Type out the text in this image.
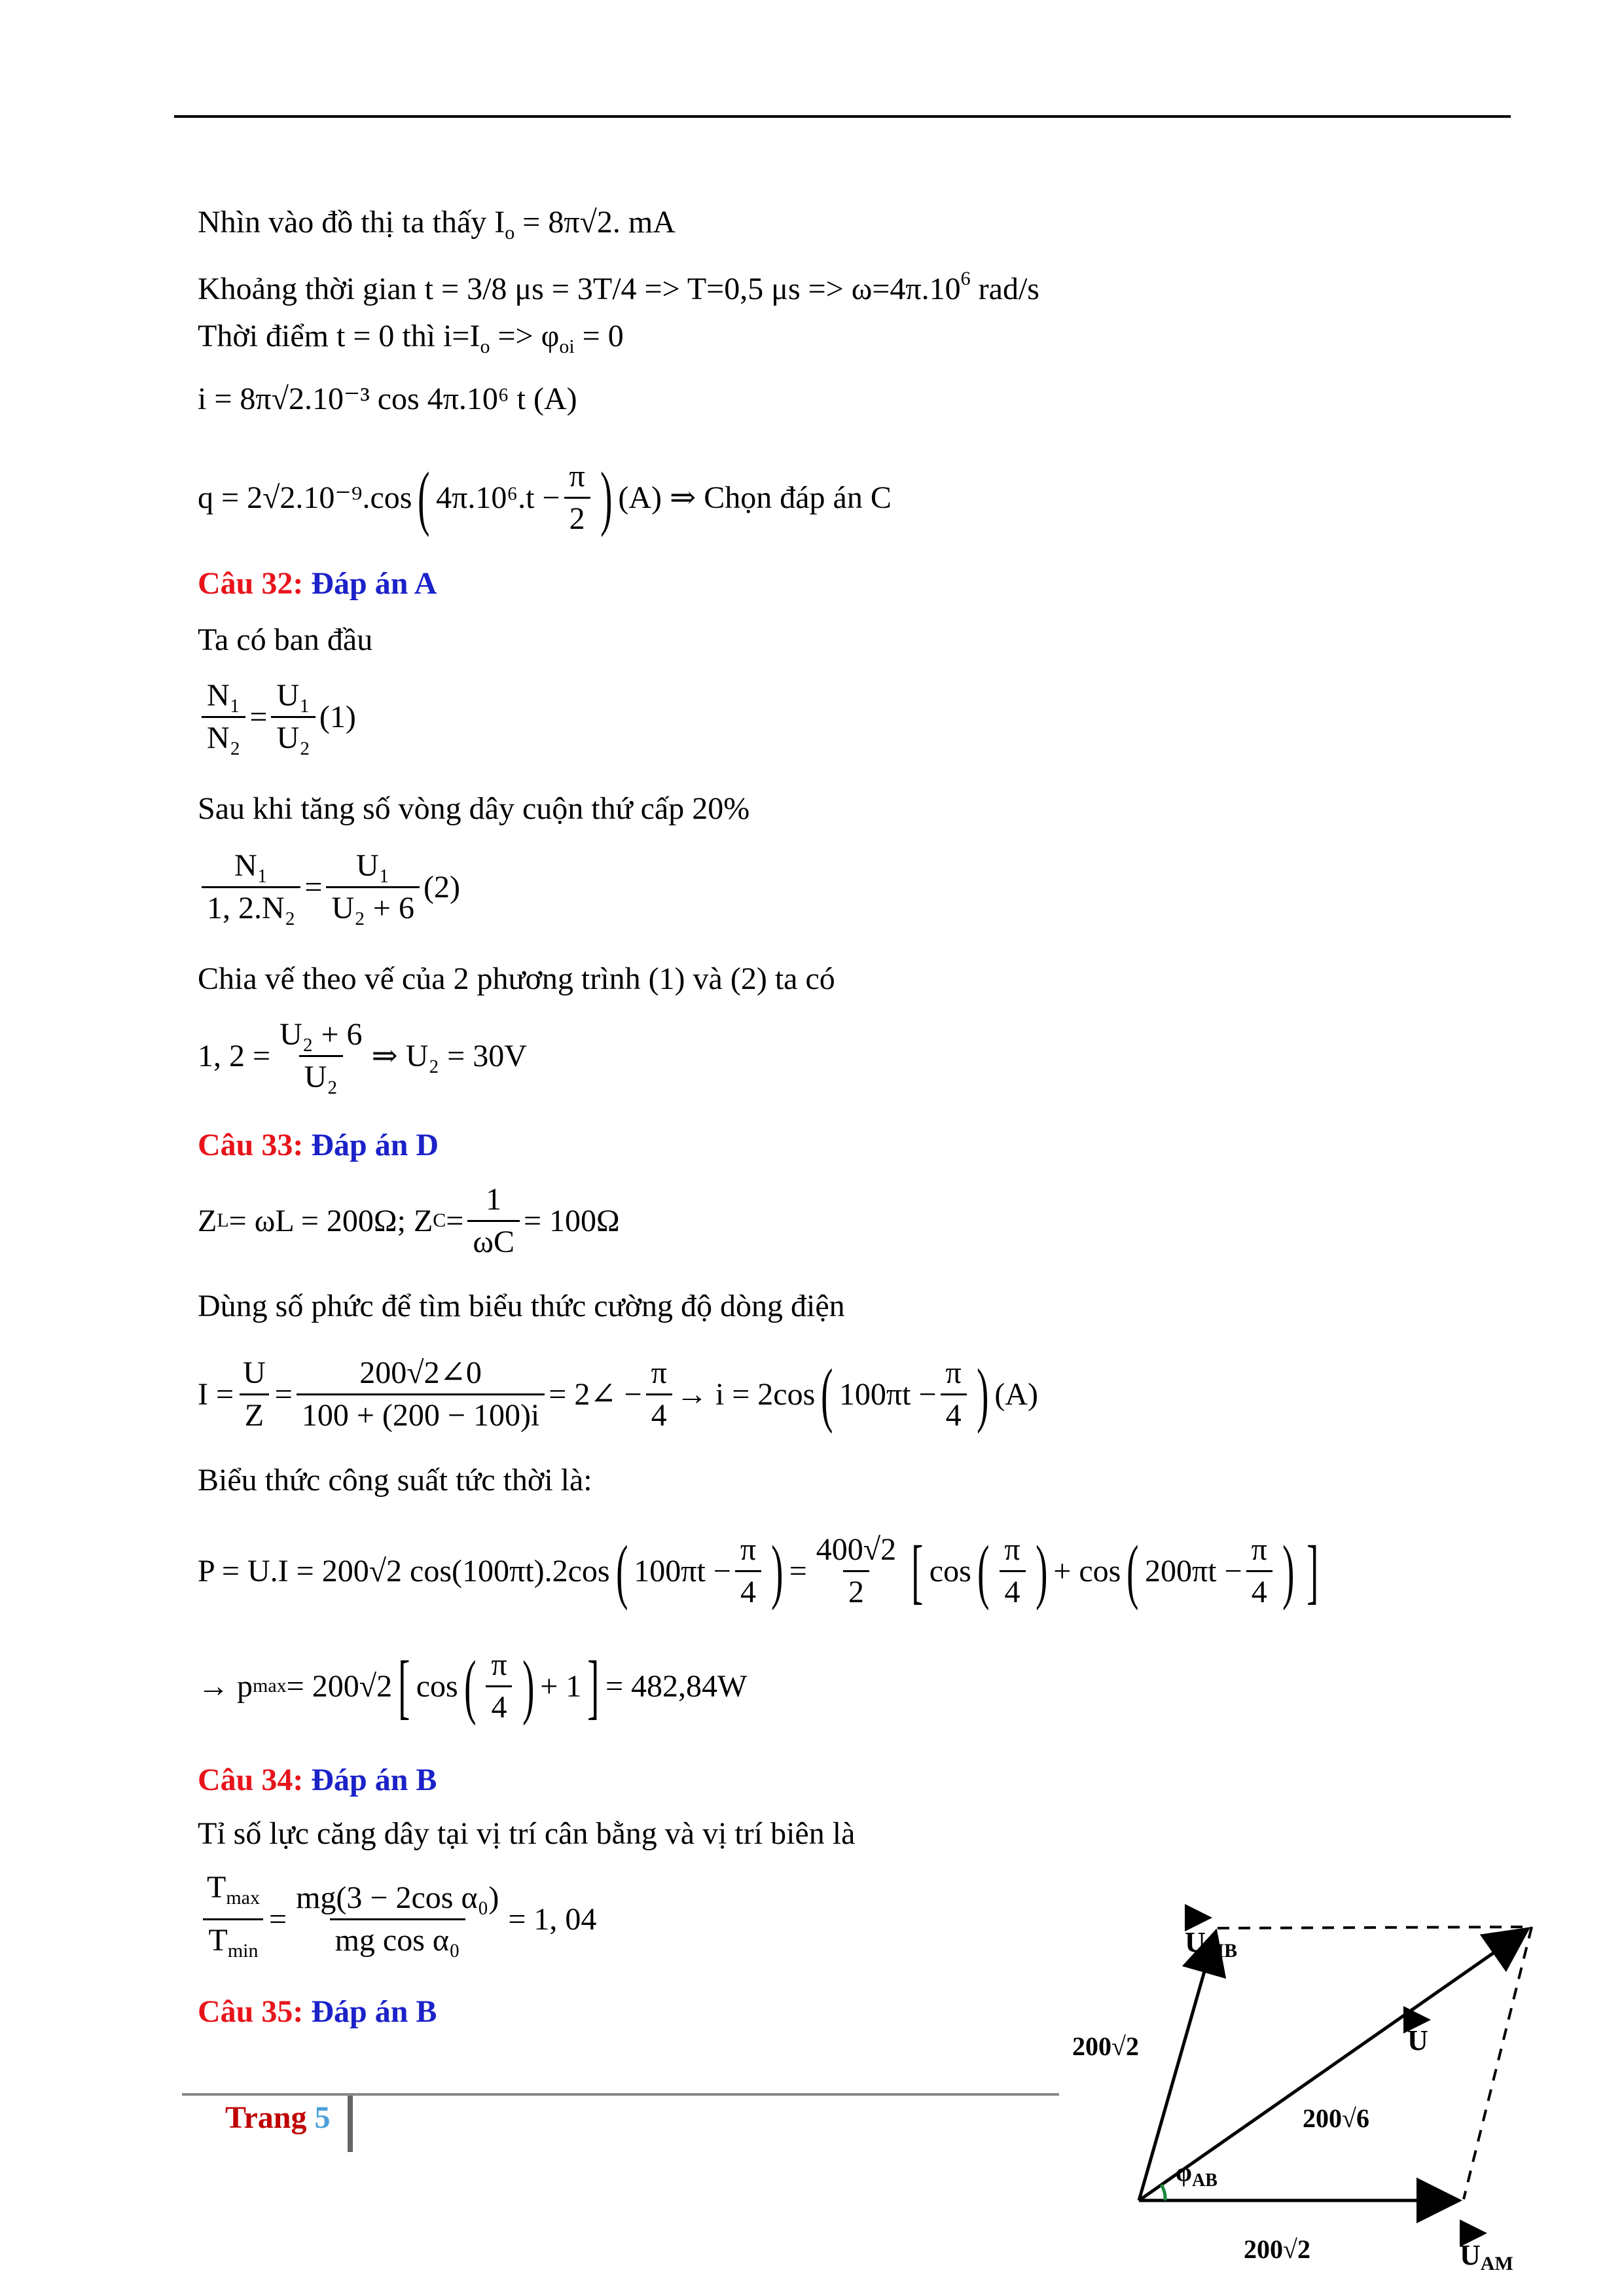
Nhìn vào đồ thị ta thấy $I_o = 8\pi√2$. mA
Khoảng thời gian t = 3/8 μs = 3T/4 => T=0,5 $\mu s => \omega=4\pi.10^6$ rad/s
Thời điểm t = 0 thì $i=I_o => \varphi_{oi} = 0$
i = 8π√2.10⁻³ cos 4π.10⁶ t (A)
q = 2√2.10⁻⁹.cos ( $4\pi.10^6.t - \frac{\pi}{2}$ ) (A) ⇒ Chọn đáp án C
Câu 32: Đáp án A
Ta có ban đầu
$\frac{\text{N₁}}{\text{N₂}} = \frac{\text{U₁}}{\text{U₂}} (1)$
Sau khi tăng số vòng dây cuộn thứ cấp 20%
$\frac{\text{N₁}}{\text{1, 2.N₂}} = \frac{\text{U₁}}{\text{U₂ + 6}} (2)$
Chia vế theo vế của 2 phương trình (1) và (2) ta có
1, $2 = \frac{\text{U₂ + 6}}{\text{U₂}}$ ⇒ U₂ = 30V
Câu 33: Đáp án D
Z L = ωL = 200Ω; Z $C = \frac{1}{\omega C} = 100\Omega$
Dùng số phức để tìm biểu thức cường độ dòng điện
$I = \frac{U}{Z} = \frac{200√2\angle 0}{100 + (200 - 100)i}$ = 2∠ − $\frac{\pi}{4} \to i = 2\cos$ ( $100\pi t - \frac{\pi}{4}$ ) (A)
Biểu thức công suất tức thời là:
P = U.I = 200√2 cos(100πt).2cos ( $100\pi t - \frac{\pi}{4}$ ) = $\frac{400√2}{2}$ [ cos ( $\frac{\pi}{4}$ ) + cos ( $200\pi t - \frac{\pi}{4}$ ) ]
→ p max = 200√2 [ cos ( $\frac{\pi}{4}$ ) + 1 ] = 482,84W
Câu 34: Đáp án B
Tỉ số lực căng dây tại vị trí cân bằng và vị trí biên là
$\frac{T_{max}}{T_{min}} = \frac{\text{mg(3 − 2cos α₀)}}{\text{mg cos α₀}} = 1$, 04
Câu 35: Đáp án B
Trang 5
UMB
U
UAM
200√2
200√6
200√2
$\varphi_{AB}$
